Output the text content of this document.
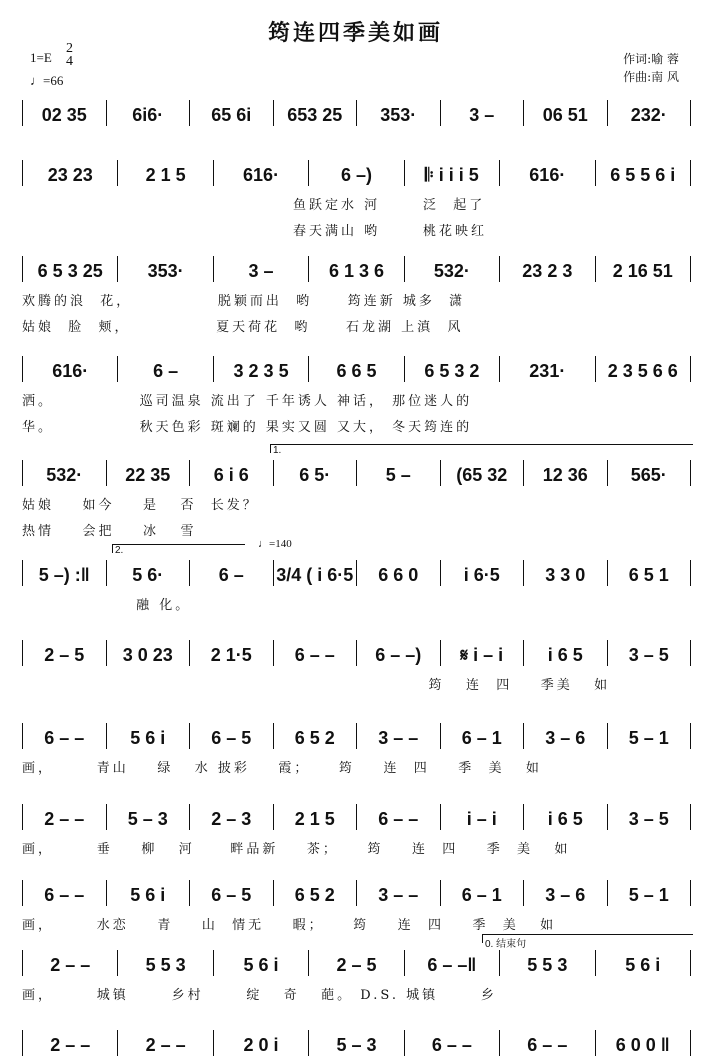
筠连四季美如画
1=E
2
4
♩=66
作词:喻 蓉
作曲:南 风
02 35	6i6·	65 6i	653 25	353·	3 –	06 51	232·
23 23	2 1 5	616·	6 –)	𝄆 i i i 5	616·	6 5 5 6 i
鱼跃定水 河      泛  起了
春天满山 哟      桃花映红
6 5 3 25	353·	3 –	6 1 3 6	532·	23 2 3	2 16 51
欢腾的浪  花，            脱颖而出  哟     筠连新 城多  潇
姑娘  脸  颊，            夏天荷花  哟     石龙湖 上滇  风
616·	6 –	3 2 3 5	6 6 5	6 5 3 2	231·	2 3 5 6 6
洒。            巡司温泉 流出了 千年诱人 神话， 那位迷人的
华。            秋天色彩 斑斓的 果实又圆 又大， 冬天筠连的
532·	22 35	6 i 6	6 5·	5 –	(65 32	12 36	565·
姑娘    如今    是   否  长发？
热情    会把    冰   雪
1.
5 –) :‖	5 6·	6 –	3/4 ( i 6·5	6 6 0	i 6·5	3 3 0	6 5 1
融 化。
2.
♩=140
2 – 5	3 0 23	2 1·5	6 – –	6 – –)	𝄋 i – i	i 6 5	3 – 5
筠   连  四    季美   如
6 – –	5 6 i	6 – 5	6 5 2	3 – –	6 – 1	3 – 6	5 – 1
画，      青山    绿   水 披彩    霞；    筠    连  四    季  美   如
2 – –	5 – 3	2 – 3	2 1 5	6 – –	i – i	i 6 5	3 – 5
画，      垂    柳   河     畔品新    茶；    筠    连  四    季  美   如
6 – –	5 6 i	6 – 5	6 5 2	3 – –	6 – 1	3 – 6	5 – 1
画，      水恋    青    山  情无    暇；    筠    连  四    季  美   如
2 – –	5 5 3	5 6 i	2 – 5	6 – –‖	5 5 3	5 6 i
画，      城镇      乡村      绽   奇   葩。 D.S. 城镇      乡
0. 结束句
2 – –	2 – –	2 0 i	5 – 3	6 – –	6 – –	6 0 0 ‖
